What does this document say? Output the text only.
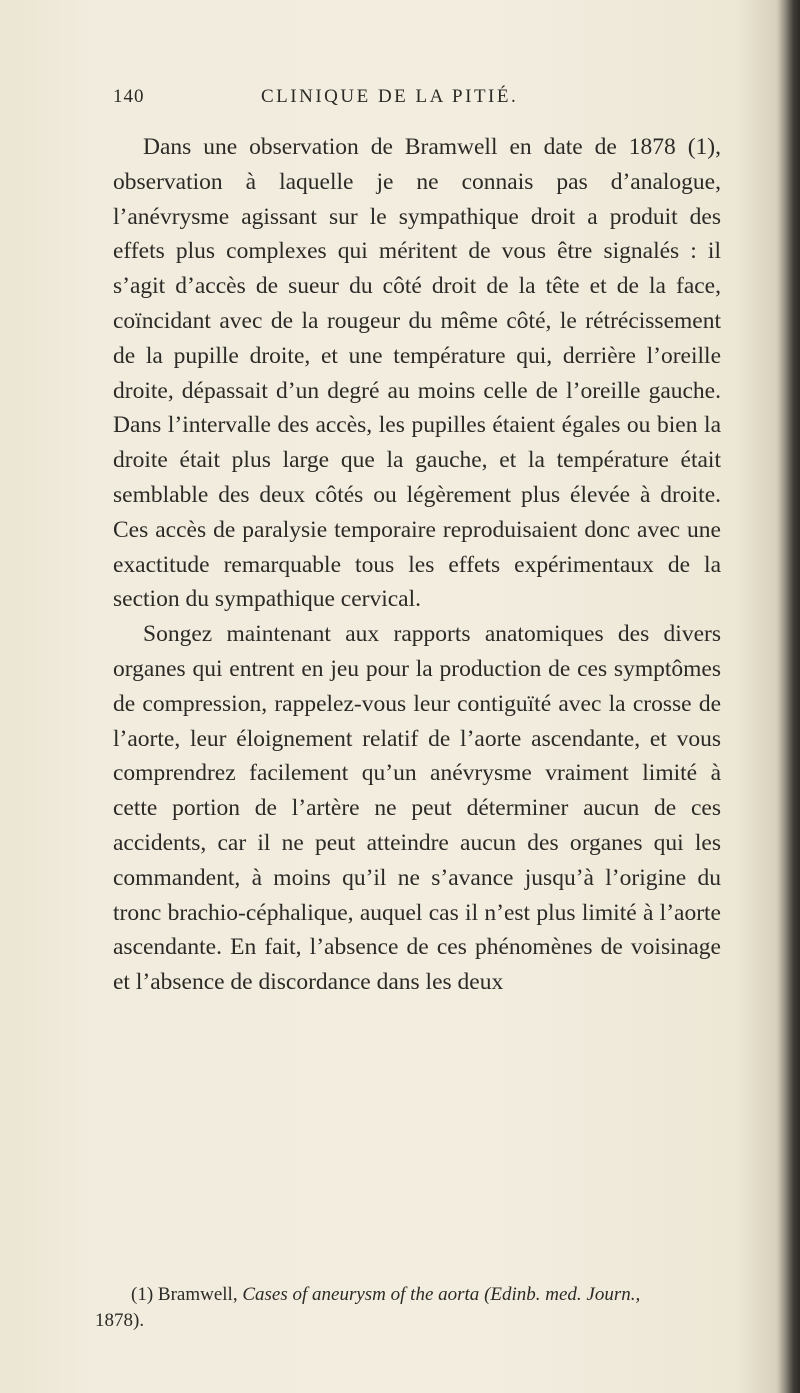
140	CLINIQUE DE LA PITIÉ.

Dans une observation de Bramwell en date de 1878 (1), observation à laquelle je ne connais pas d’analogue, l’anévrysme agissant sur le sympathique droit a produit des effets plus complexes qui méritent de vous être signalés : il s’agit d’accès de sueur du côté droit de la tête et de la face, coïncidant avec de la rougeur du même côté, le rétrécissement de la pupille droite, et une température qui, derrière l’oreille droite, dépassait d’un degré au moins celle de l’oreille gauche. Dans l’intervalle des accès, les pupilles étaient égales ou bien la droite était plus large que la gauche, et la température était semblable des deux côtés ou légèrement plus élevée à droite. Ces accès de paralysie temporaire reproduisaient donc avec une exactitude remarquable tous les effets expérimentaux de la section du sympathique cervical.

Songez maintenant aux rapports anatomiques des divers organes qui entrent en jeu pour la production de ces symptômes de compression, rappelez-vous leur contiguïté avec la crosse de l’aorte, leur éloignement relatif de l’aorte ascendante, et vous comprendrez facilement qu’un anévrysme vraiment limité à cette portion de l’artère ne peut déterminer aucun de ces accidents, car il ne peut atteindre aucun des organes qui les commandent, à moins qu’il ne s’avance jusqu’à l’origine du tronc brachio-céphalique, auquel cas il n’est plus limité à l’aorte ascendante. En fait, l’absence de ces phénomènes de voisinage et l’absence de discordance dans les deux

(1) Bramwell, Cases of aneurysm of the aorta (Edinb. med. Journ.,
1878).
